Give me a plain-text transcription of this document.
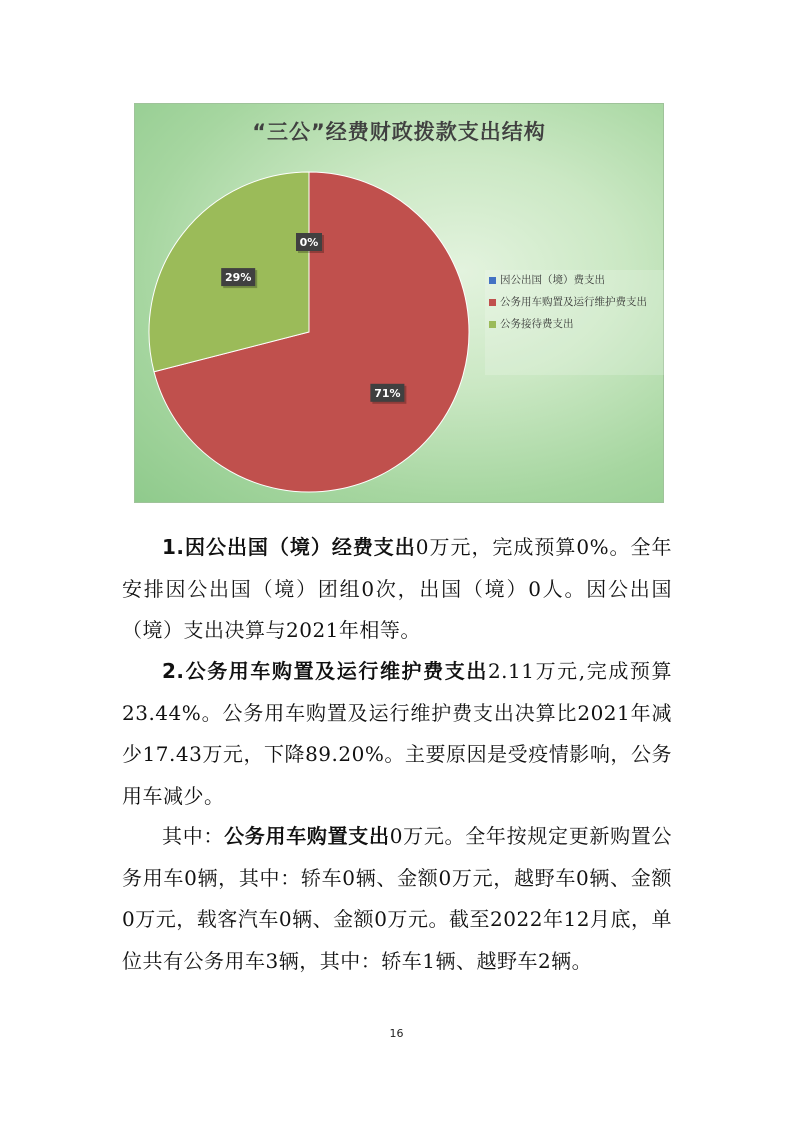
0%
71%
29%
“三公”经费财政拨款支出结构
因公出国（境）费支出
公务用车购置及运行维护费支出
公务接待费支出
1.因公出国（境）经费支出0万元，完成预算0%。全年安排因公出国（境）团组0次，出国（境）0人。因公出国（境）支出决算与2021年相等。
2.公务用车购置及运行维护费支出2.11万元,完成预算23.44%。公务用车购置及运行维护费支出决算比2021年减少17.43万元，下降89.20%。主要原因是受疫情影响，公务用车减少。
其中：公务用车购置支出0万元。全年按规定更新购置公务用车0辆，其中：轿车0辆、金额0万元，越野车0辆、金额0万元，载客汽车0辆、金额0万元。截至2022年12月底，单位共有公务用车3辆，其中：轿车1辆、越野车2辆。
16
